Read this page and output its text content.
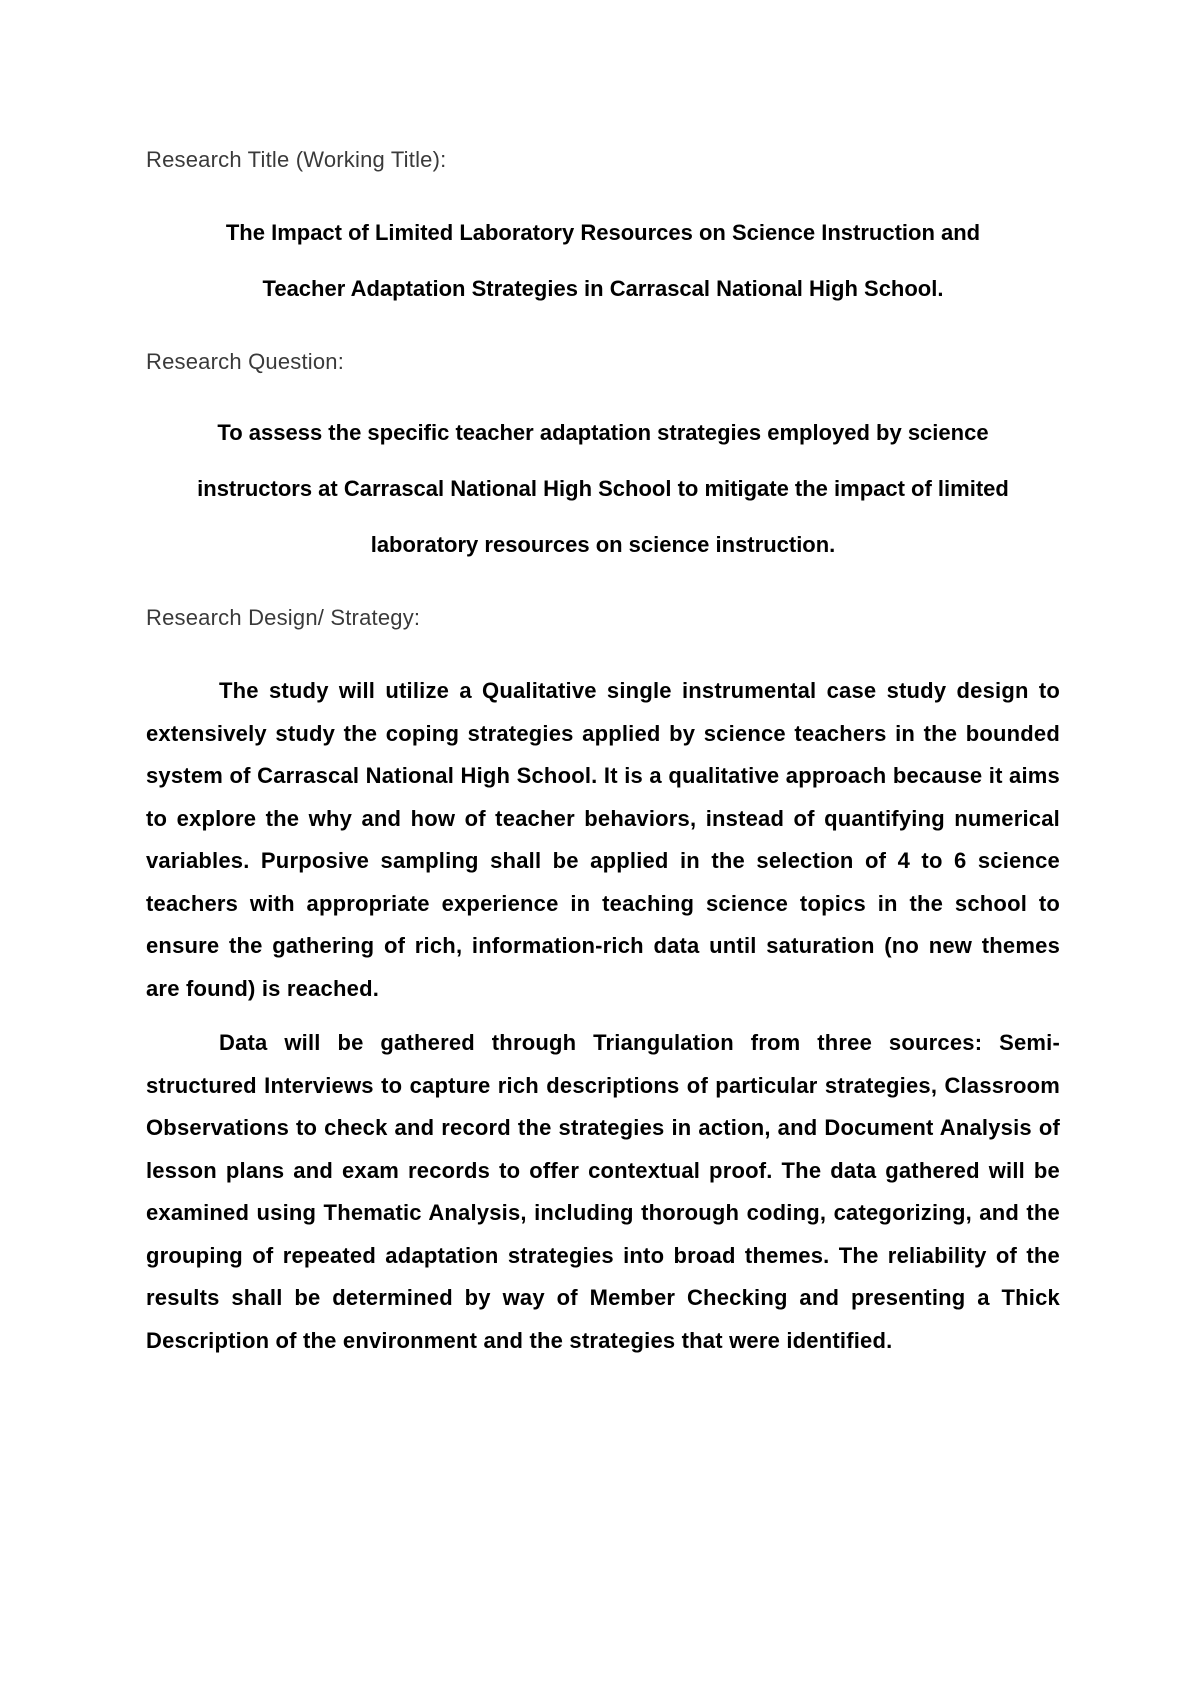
Research Title (Working Title):

The Impact of Limited Laboratory Resources on Science Instruction and
Teacher Adaptation Strategies in Carrascal National High School.

Research Question:

To assess the specific teacher adaptation strategies employed by science
instructors at Carrascal National High School to mitigate the impact of limited
laboratory resources on science instruction.

Research Design/ Strategy:

The study will utilize a Qualitative single instrumental case study design to extensively study the coping strategies applied by science teachers in the bounded system of Carrascal National High School. It is a qualitative approach because it aims to explore the why and how of teacher behaviors, instead of quantifying numerical variables. Purposive sampling shall be applied in the selection of 4 to 6 science teachers with appropriate experience in teaching science topics in the school to ensure the gathering of rich, information-rich data until saturation (no new themes are found) is reached.

Data will be gathered through Triangulation from three sources: Semi-structured Interviews to capture rich descriptions of particular strategies, Classroom Observations to check and record the strategies in action, and Document Analysis of lesson plans and exam records to offer contextual proof. The data gathered will be examined using Thematic Analysis, including thorough coding, categorizing, and the grouping of repeated adaptation strategies into broad themes. The reliability of the results shall be determined by way of Member Checking and presenting a Thick Description of the environment and the strategies that were identified.
